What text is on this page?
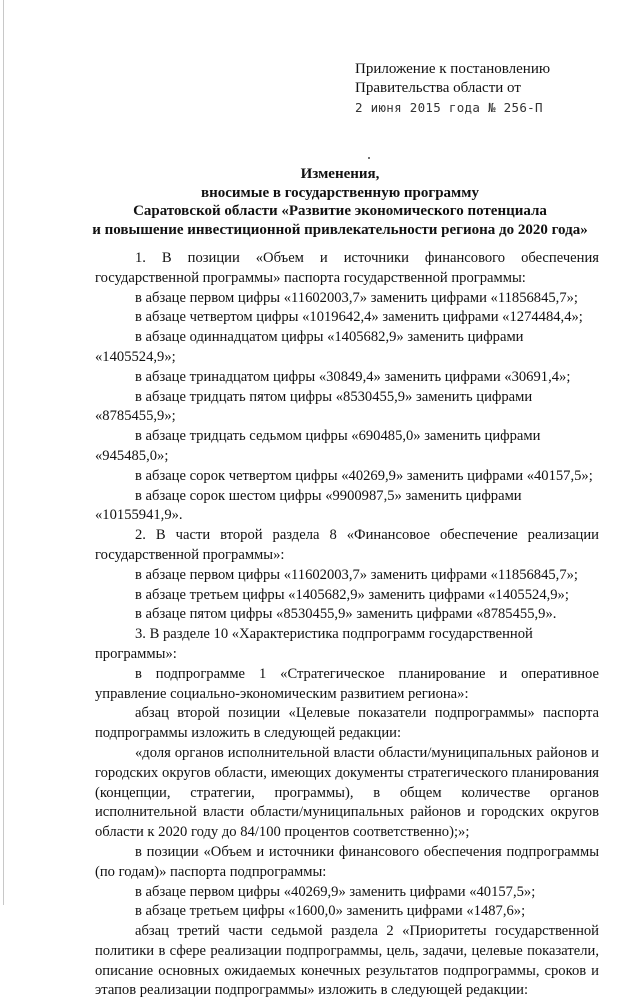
Приложение к постановлению
Правительства области от
2 июня 2015 года № 256-П
Изменения,
вносимые в государственную программу
Саратовской области «Развитие экономического потенциала
и повышение инвестиционной привлекательности региона до 2020 года»

1. В позиции «Объем и источники финансового обеспечения государственной программы» паспорта государственной программы:

в абзаце первом цифры «11602003,7» заменить цифрами «11856845,7»;

в абзаце четвертом цифры «1019642,4» заменить цифрами «1274484,4»;

в абзаце одиннадцатом цифры «1405682,9» заменить цифрами «1405524,9»;

в абзаце тринадцатом цифры «30849,4» заменить цифрами «30691,4»;

в абзаце тридцать пятом цифры «8530455,9» заменить цифрами «8785455,9»;

в абзаце тридцать седьмом цифры «690485,0» заменить цифрами «945485,0»;

в абзаце сорок четвертом цифры «40269,9» заменить цифрами «40157,5»;

в абзаце сорок шестом цифры «9900987,5» заменить цифрами «10155941,9».

2. В части второй раздела 8 «Финансовое обеспечение реализации государственной программы»:

в абзаце первом цифры «11602003,7» заменить цифрами «11856845,7»;

в абзаце третьем цифры «1405682,9» заменить цифрами «1405524,9»;

в абзаце пятом цифры «8530455,9» заменить цифрами «8785455,9».

3. В разделе 10 «Характеристика подпрограмм государственной программы»:

в подпрограмме 1 «Стратегическое планирование и оперативное управление социально-экономическим развитием региона»:

абзац второй позиции «Целевые показатели подпрограммы» паспорта подпрограммы изложить в следующей редакции:

«доля органов исполнительной власти области/муниципальных районов и городских округов области, имеющих документы стратегического планирования (концепции, стратегии, программы), в общем количестве органов исполнительной власти области/муниципальных районов и городских округов области к 2020 году до 84/100 процентов соответственно);»;

в позиции «Объем и источники финансового обеспечения подпрограммы (по годам)» паспорта подпрограммы:

в абзаце первом цифры «40269,9» заменить цифрами «40157,5»;

в абзаце третьем цифры «1600,0» заменить цифрами «1487,6»;

абзац третий части седьмой раздела 2 «Приоритеты государственной политики в сфере реализации подпрограммы, цель, задачи, целевые показатели, описание основных ожидаемых конечных результатов подпрограммы, сроков и этапов реализации подпрограммы» изложить в следующей редакции:
